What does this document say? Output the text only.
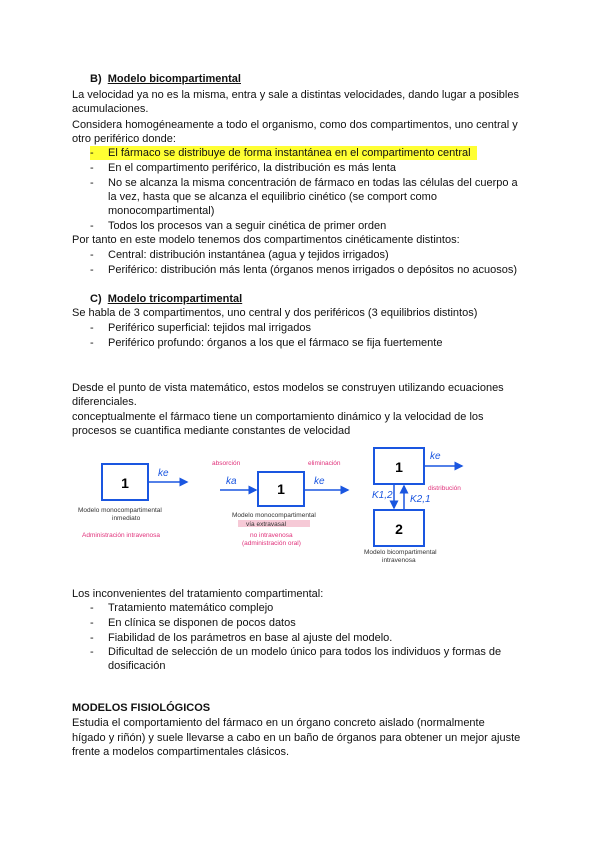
B) Modelo bicompartimental
La velocidad ya no es la misma, entra y sale a distintas velocidades, dando lugar a posibles
acumulaciones.
Considera homogéneamente a todo el organismo, como dos compartimentos, uno central y
otro periférico donde:
- El fármaco se distribuye de forma instantánea en el compartimento central
- En el compartimento periférico, la distribución es más lenta
- No se alcanza la misma concentración de fármaco en todas las células del cuerpo a
la vez, hasta que se alcanza el equilibrio cinético (se comport como
monocompartimental)
- Todos los procesos van a seguir cinética de primer orden
Por tanto en este modelo tenemos dos compartimentos cinéticamente distintos:
- Central: distribución instantánea (agua y tejidos irrigados)
- Periférico: distribución más lenta (órganos menos irrigados o depósitos no acuosos)
C) Modelo tricompartimental
Se habla de 3 compartimentos, uno central y dos periféricos (3 equilibrios distintos)
- Periférico superficial: tejidos mal irrigados
- Periférico profundo: órganos a los que el fármaco se fija fuertemente
Desde el punto de vista matemático, estos modelos se construyen utilizando ecuaciones
diferenciales.
conceptualmente el fármaco tiene un comportamiento dinámico y la velocidad de los
procesos se cuantifica mediante constantes de velocidad
1
ke
Modelo monocompartimental
inmediato
Administración intravenosa
1
ka	ke
absorción	eliminación
Modelo monocompartimental
vía extravasal
no intravenosa
(administración oral)
1
2
ke
K1,2 K2,1
distribución
Modelo bicompartimental
intravenosa
Los inconvenientes del tratamiento compartimental:
- Tratamiento matemático complejo
- En clínica se disponen de pocos datos
- Fiabilidad de los parámetros en base al ajuste del modelo.
- Dificultad de selección de un modelo único para todos los individuos y formas de
dosificación
MODELOS FISIOLÓGICOS
Estudia el comportamiento del fármaco en un órgano concreto aislado (normalmente
hígado y riñón) y suele llevarse a cabo en un baño de órganos para obtener un mejor ajuste
frente a modelos compartimentales clásicos.
